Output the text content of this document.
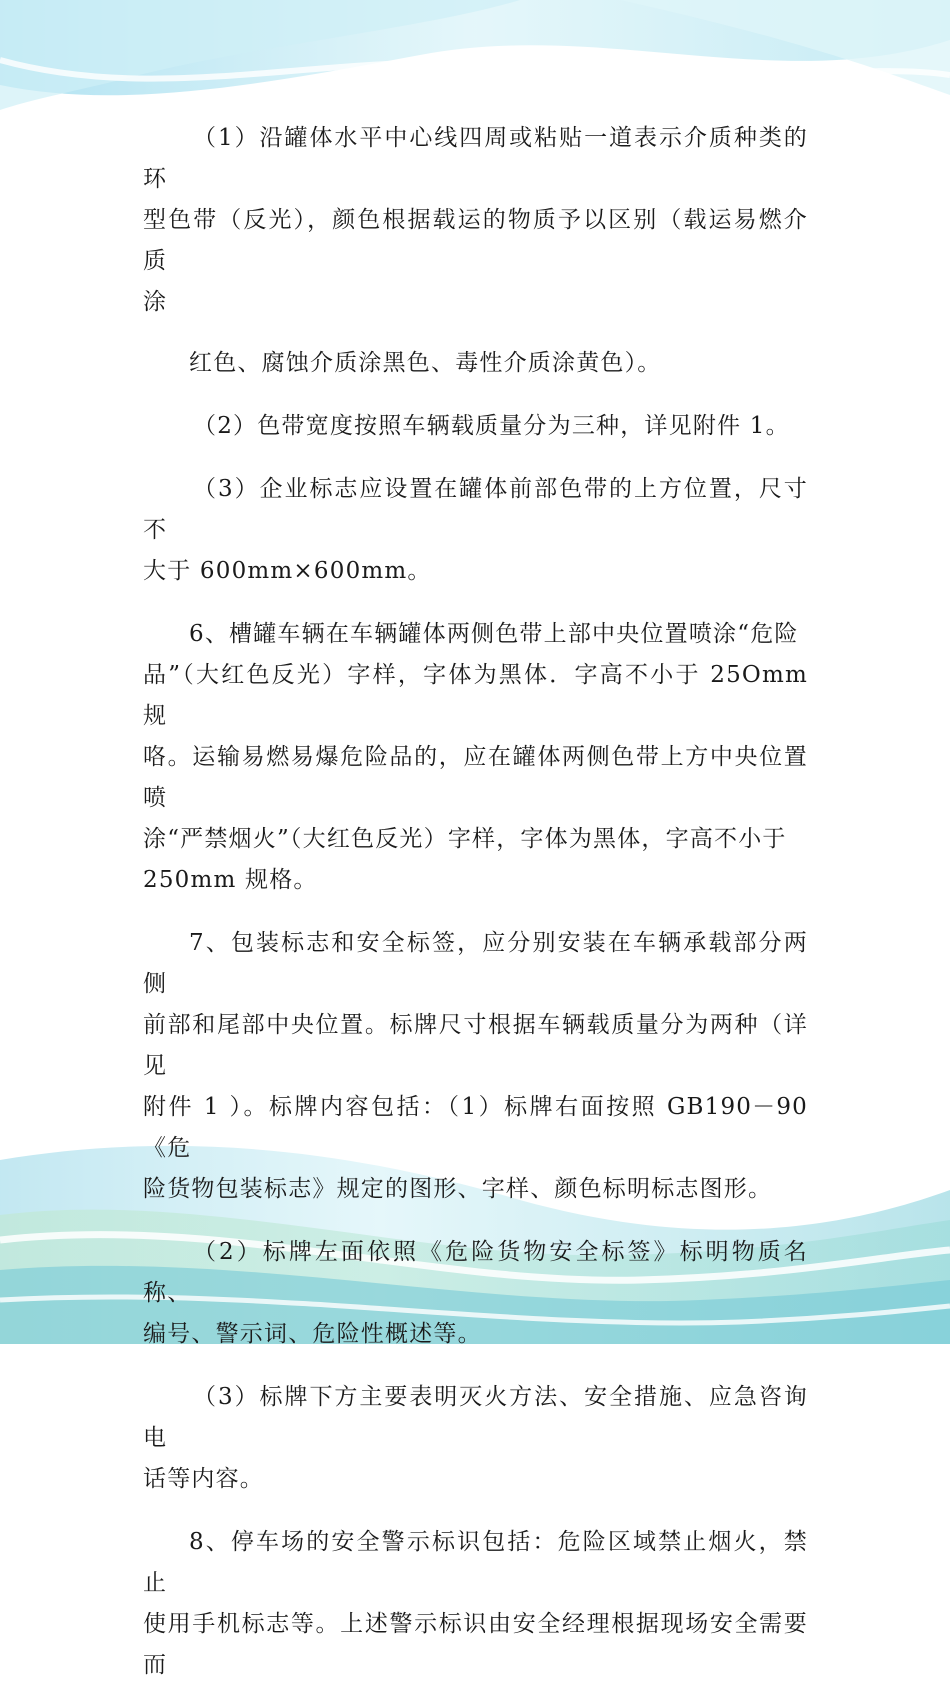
（1）沿罐体水平中心线四周或粘贴一道表示介质种类的环
型色带（反光），颜色根据载运的物质予以区别（载运易燃介质
涂

红色、腐蚀介质涂黑色、毒性介质涂黄色）。

（2）色带宽度按照车辆载质量分为三种，详见附件 1。

（3）企业标志应设置在罐体前部色带的上方位置，尺寸不
大于 600mm×600mm。

6、槽罐车辆在车辆罐体两侧色带上部中央位置喷涂“危险
品”（大红色反光）字样，字体为黑体．字高不小于 25Omm 规
咯。运输易燃易爆危险品的，应在罐体两侧色带上方中央位置喷
涂“严禁烟火”（大红色反光）字样，字体为黑体，字高不小于
250mm 规格。

7、包装标志和安全标签，应分别安装在车辆承载部分两侧
前部和尾部中央位置。标牌尺寸根据车辆载质量分为两种（详见
附件 1 ）。标牌内容包括：（1）标牌右面按照 GB190－90 《危
险货物包装标志》规定的图形、字样、颜色标明标志图形。

（2）标牌左面依照《危险货物安全标签》标明物质名称、
编号、警示词、危险性概述等。

（3）标牌下方主要表明灭火方法、安全措施、应急咨询电
话等内容。

8、停车场的安全警示标识包括：危险区域禁止烟火，禁止
使用手机标志等。上述警示标识由安全经理根据现场安全需要而
